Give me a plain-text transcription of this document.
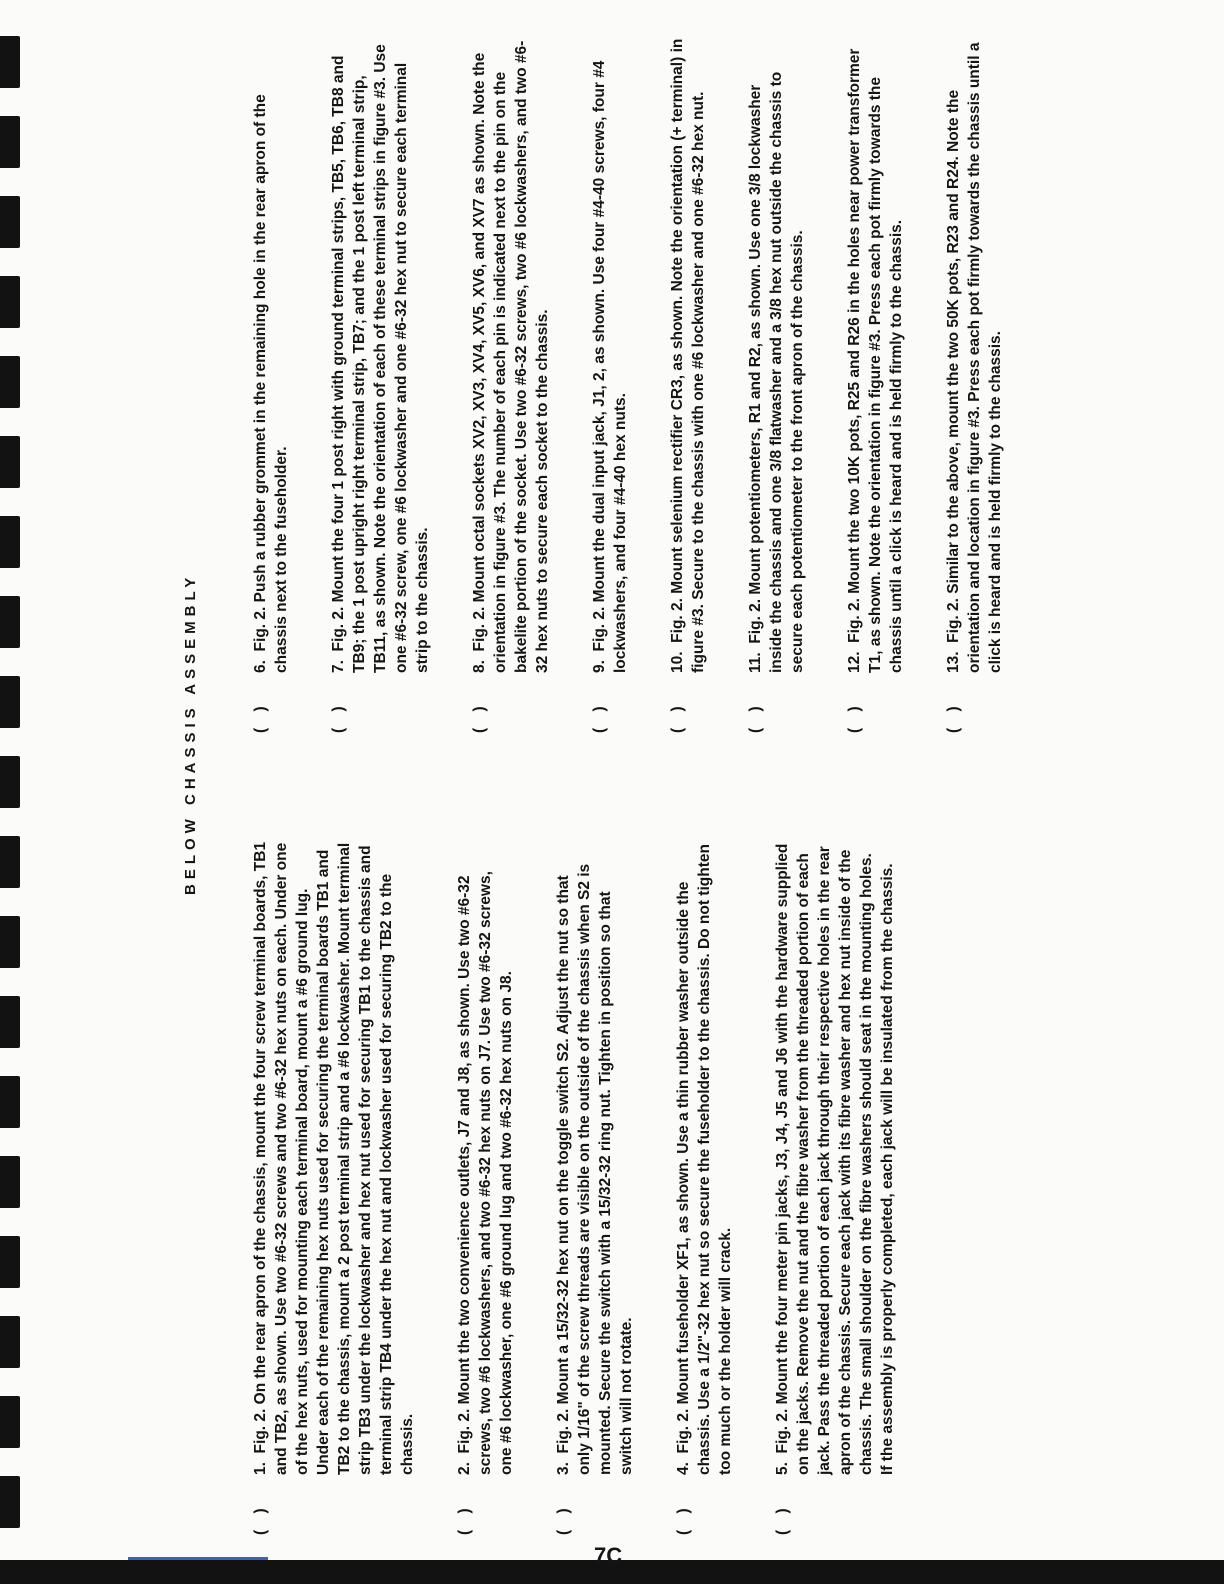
7C
BELOW CHASSIS ASSEMBLY
( )
1.  Fig. 2. On the rear apron of the chassis, mount the four screw terminal boards, TB1 and TB2, as shown. Use two #6-32 screws and two #6-32 hex nuts on each. Under one of the hex nuts, used for mounting each terminal board, mount a #6 ground lug. Under each of the remaining hex nuts used for securing the terminal boards TB1 and TB2 to the chassis, mount a 2 post terminal strip and a #6 lockwasher. Mount terminal strip TB3 under the lockwasher and hex nut used for securing TB1 to the chassis and terminal strip TB4 under the hex nut and lockwasher used for securing TB2 to the chassis.
( )
2.  Fig. 2. Mount the two convenience outlets, J7 and J8, as shown. Use two #6-32 screws, two #6 lockwashers, and two #6-32 hex nuts on J7. Use two #6-32 screws, one #6 lockwasher, one #6 ground lug and two #6-32 hex nuts on J8.
( )
3.  Fig. 2. Mount a 15/32-32 hex nut on the toggle switch S2. Adjust the nut so that only 1/16" of the screw threads are visible on the outside of the chassis when S2 is mounted. Secure the switch with a 15/32-32 ring nut. Tighten in position so that switch will not rotate.
( )
4.  Fig. 2. Mount fuseholder XF1, as shown. Use a thin rubber washer outside the chassis. Use a 1/2"-32 hex nut so secure the fuseholder to the chassis. Do not tighten too much or the holder will crack.
( )
5.  Fig. 2. Mount the four meter pin jacks, J3, J4, J5 and J6 with the hardware supplied on the jacks. Remove the nut and the fibre washer from the threaded portion of each jack. Pass the threaded portion of each jack through their respective holes in the rear apron of the chassis. Secure each jack with its fibre washer and hex nut inside of the chassis. The small shoulder on the fibre washers should seat in the mounting holes. If the assembly is properly completed, each jack will be insulated from the chassis.
( )
6.  Fig. 2. Push a rubber grommet in the remaining hole in the rear apron of the chassis next to the fuseholder.
( )
7.  Fig. 2. Mount the four 1 post right with ground terminal strips, TB5, TB6, TB8 and TB9; the 1 post upright right terminal strip, TB7; and the 1 post left terminal strip, TB11, as shown. Note the orientation of each of these terminal strips in figure #3. Use one #6-32 screw, one #6 lockwasher and one #6-32 hex nut to secure each terminal strip to the chassis.
( )
8.  Fig. 2. Mount octal sockets XV2, XV3, XV4, XV5, XV6, and XV7 as shown. Note the orientation in figure #3. The number of each pin is indicated next to the pin on the bakelite portion of the socket. Use two #6-32 screws, two #6 lockwashers, and two #6-32 hex nuts to secure each socket to the chassis.
( )
9.  Fig. 2. Mount the dual input jack, J1, 2, as shown. Use four #4-40 screws, four #4 lockwashers, and four #4-40 hex nuts.
( )
10.  Fig. 2. Mount selenium rectifier CR3, as shown. Note the orientation (+ terminal) in figure #3. Secure to the chassis with one #6 lockwasher and one #6-32 hex nut.
( )
11.  Fig. 2. Mount potentiometers, R1 and R2, as shown. Use one 3/8 lockwasher inside the chassis and one 3/8 flatwasher and a 3/8 hex nut outside the chassis to secure each potentiometer to the front apron of the chassis.
( )
12.  Fig. 2. Mount the two 10K pots, R25 and R26 in the holes near power transformer T1, as shown. Note the orientation in figure #3. Press each pot firmly towards the chassis until a click is heard and is held firmly to the chassis.
( )
13.  Fig. 2. Similar to the above, mount the two 50K pots, R23 and R24. Note the orientation and location in figure #3. Press each pot firmly towards the chassis until a click is heard and is held firmly to the chassis.
